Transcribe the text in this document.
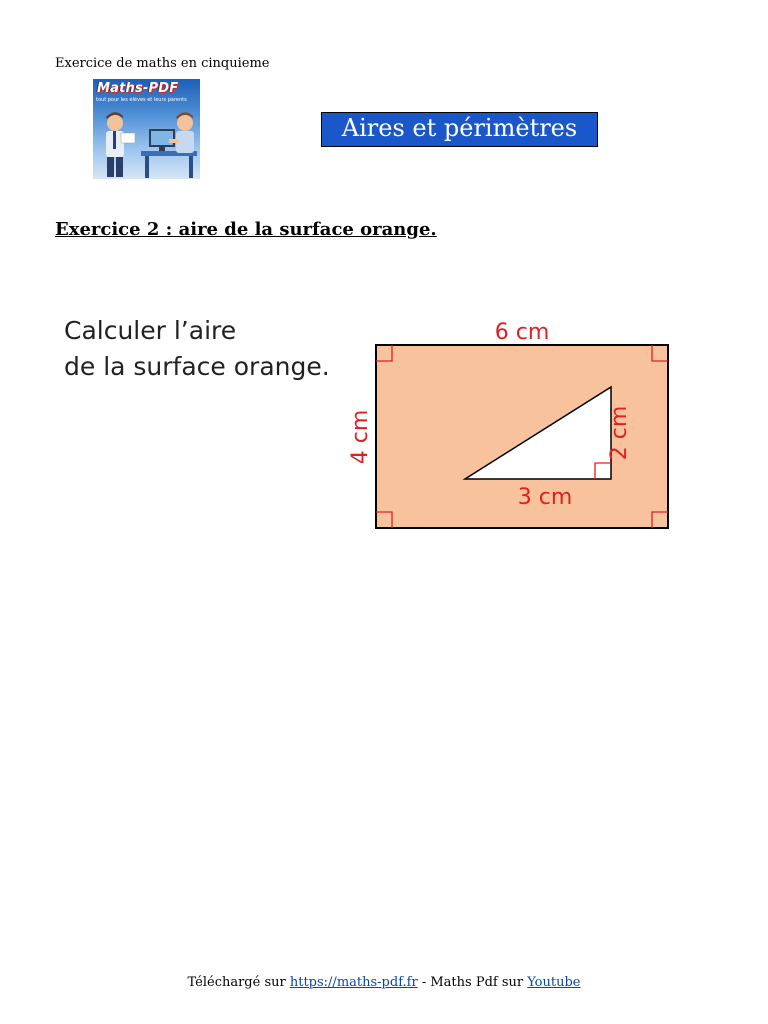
Exercice de maths en cinquieme
Maths-PDF
tout pour les élèves et leurs parents
Aires et périmètres
Exercice 2 : aire de la surface orange.
Calculer l’aire
de la surface orange.
6 cm
4 cm
3 cm
2 cm
Téléchargé sur https://maths-pdf.fr - Maths Pdf sur Youtube
